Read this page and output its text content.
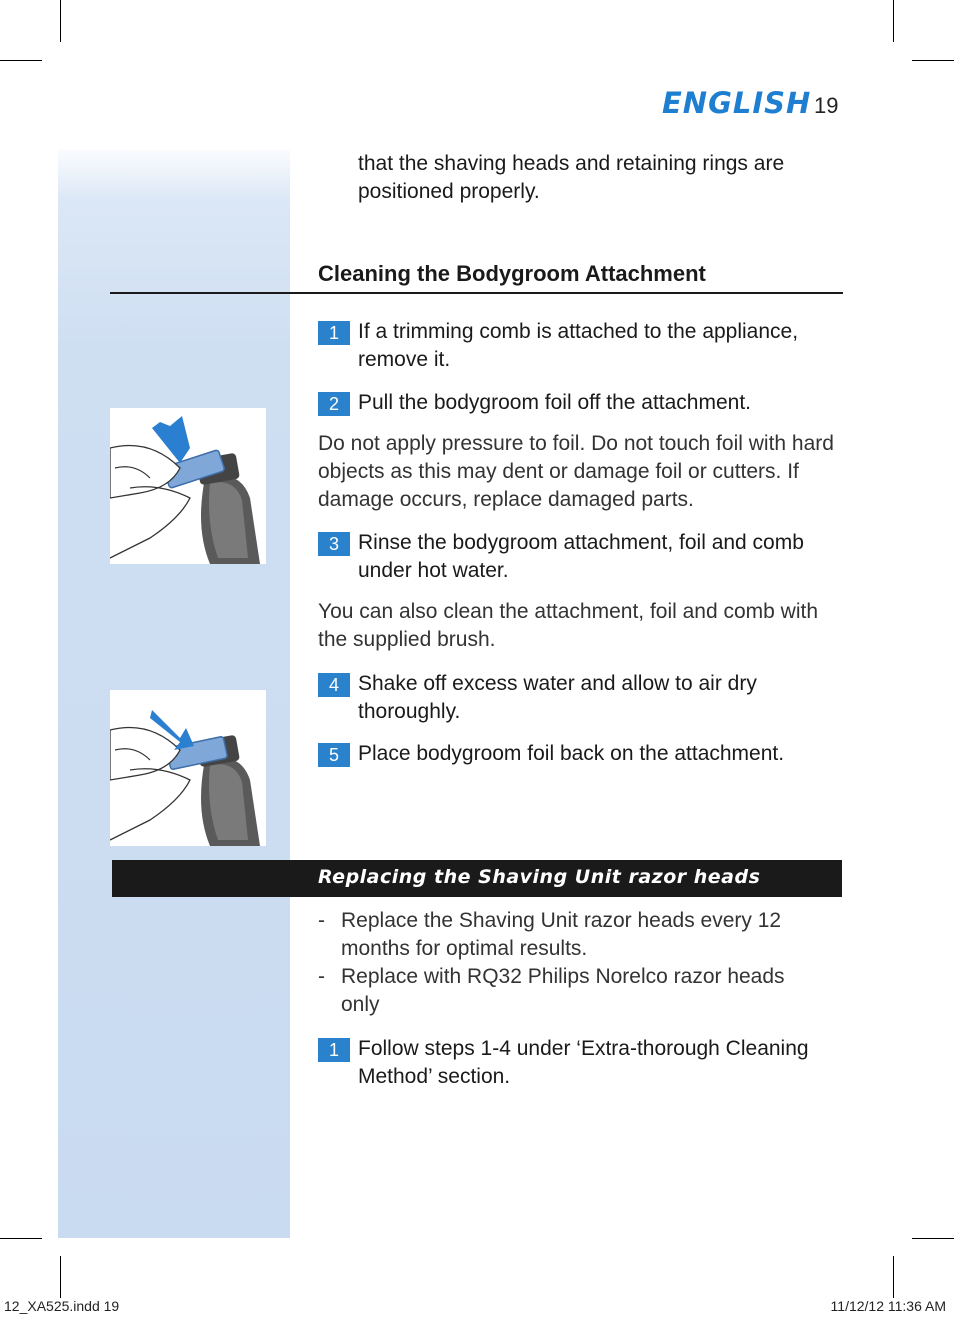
ENGLISH 19
that the shaving heads and retaining rings are positioned properly.
Cleaning the Bodygroom Attachment
1 If a trimming comb is attached to the appliance, remove it.
2 Pull the bodygroom foil off the attachment.
Do not apply pressure to foil. Do not touch foil with hard objects as this may dent or damage foil or cutters. If damage occurs, replace damaged parts.
3 Rinse the bodygroom attachment, foil and comb under hot water.
You can also clean the attachment, foil and comb with the supplied brush.
4 Shake off excess water and allow to air dry thoroughly.
5 Place bodygroom foil back on the attachment.
Replacing the Shaving Unit razor heads
- Replace the Shaving Unit razor heads every 12 months for optimal results.
- Replace with RQ32 Philips Norelco razor heads only
1 Follow steps 1-4 under ‘Extra-thorough Cleaning Method’ section.
12_XA525.indd 19	11/12/12 11:36 AM
